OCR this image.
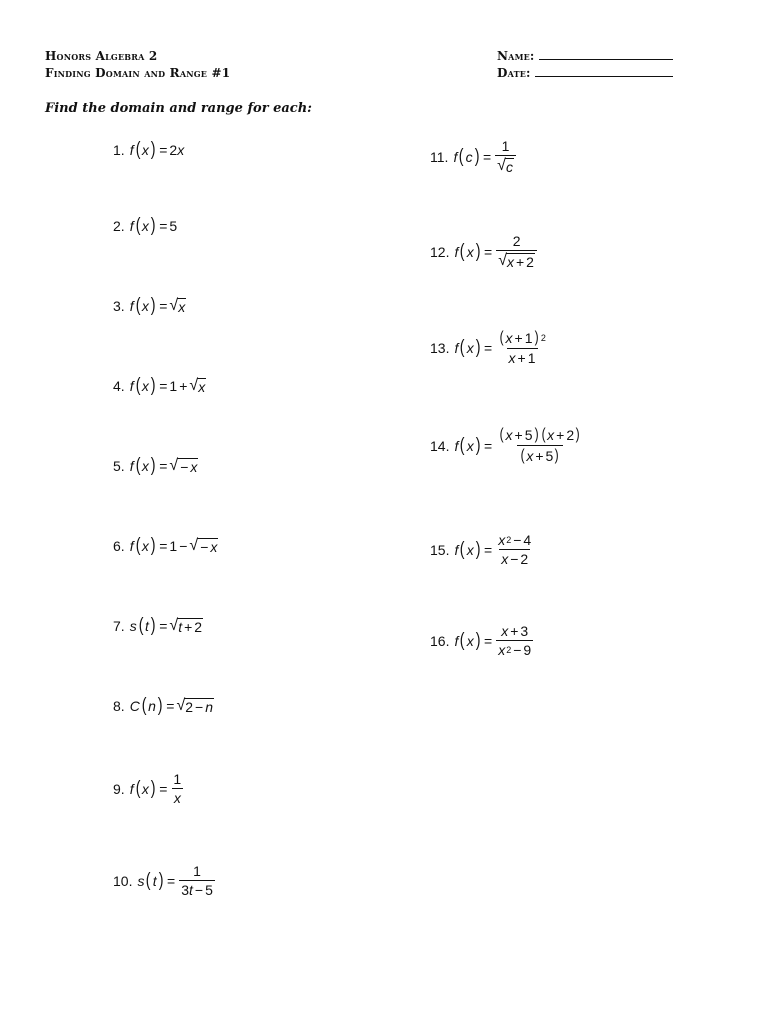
Honors Algebra 2
Finding Domain and Range #1
Name:
Date:
Find the domain and range for each:
1. f ( x ) = 2 x
2. f ( x ) = 5
3. f ( x ) = √ x
4. f ( x ) = 1 + √ x
5. f ( x ) = √ − x
6. f ( x ) = 1 − √ − x
7. s ( t ) = √ t + 2
8. C ( n ) = √ 2 − n
9. f ( x ) = $\frac{1}{x}$
10. s ( t ) = $\frac{1}{3 t - 5}$
11. f ( c ) = $\frac{1}{√ c}$
12. f ( x ) = $\frac{2}{√ x + 2}$
13. f ( x ) = $\frac{( x + 1 ) 2}{x + 1}$
14. f ( x ) = $\frac{( x + 5 ) ( x + 2 )}{( x + 5 )}$
15. f ( x ) = $\frac{x 2 - 4}{x - 2}$
16. f ( x ) = $\frac{x + 3}{x 2 - 9}$
